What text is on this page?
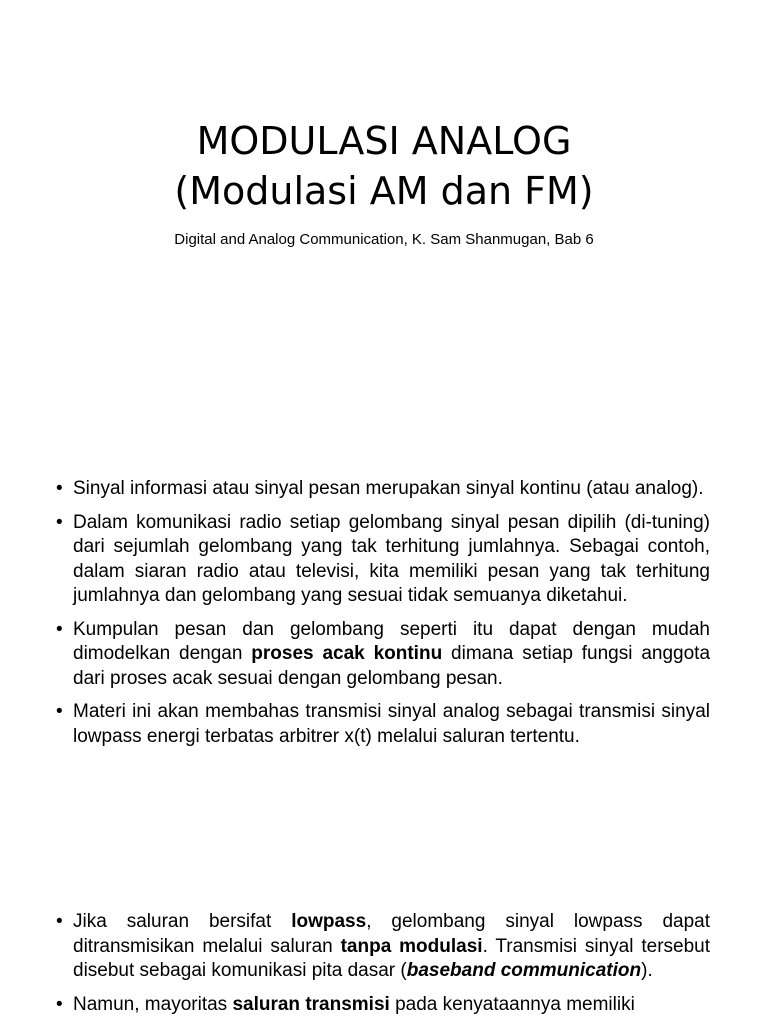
MODULASI ANALOG
(Modulasi AM dan FM)
Digital and Analog Communication, K. Sam Shanmugan, Bab 6
• Sinyal informasi atau sinyal pesan merupakan sinyal kontinu (atau analog).
• Dalam komunikasi radio setiap gelombang sinyal pesan dipilih (di-tuning) dari sejumlah gelombang yang tak terhitung jumlahnya. Sebagai contoh, dalam siaran radio atau televisi, kita memiliki pesan yang tak terhitung jumlahnya dan gelombang yang sesuai tidak semuanya diketahui.
• Kumpulan pesan dan gelombang seperti itu dapat dengan mudah dimodelkan dengan proses acak kontinu dimana setiap fungsi anggota dari proses acak sesuai dengan gelombang pesan.
• Materi ini akan membahas transmisi sinyal analog sebagai transmisi sinyal lowpass energi terbatas arbitrer x(t) melalui saluran tertentu.
• Jika saluran bersifat lowpass, gelombang sinyal lowpass dapat ditransmisikan melalui saluran tanpa modulasi. Transmisi sinyal tersebut disebut sebagai komunikasi pita dasar (baseband communication).
• Namun, mayoritas saluran transmisi pada kenyataannya memiliki
